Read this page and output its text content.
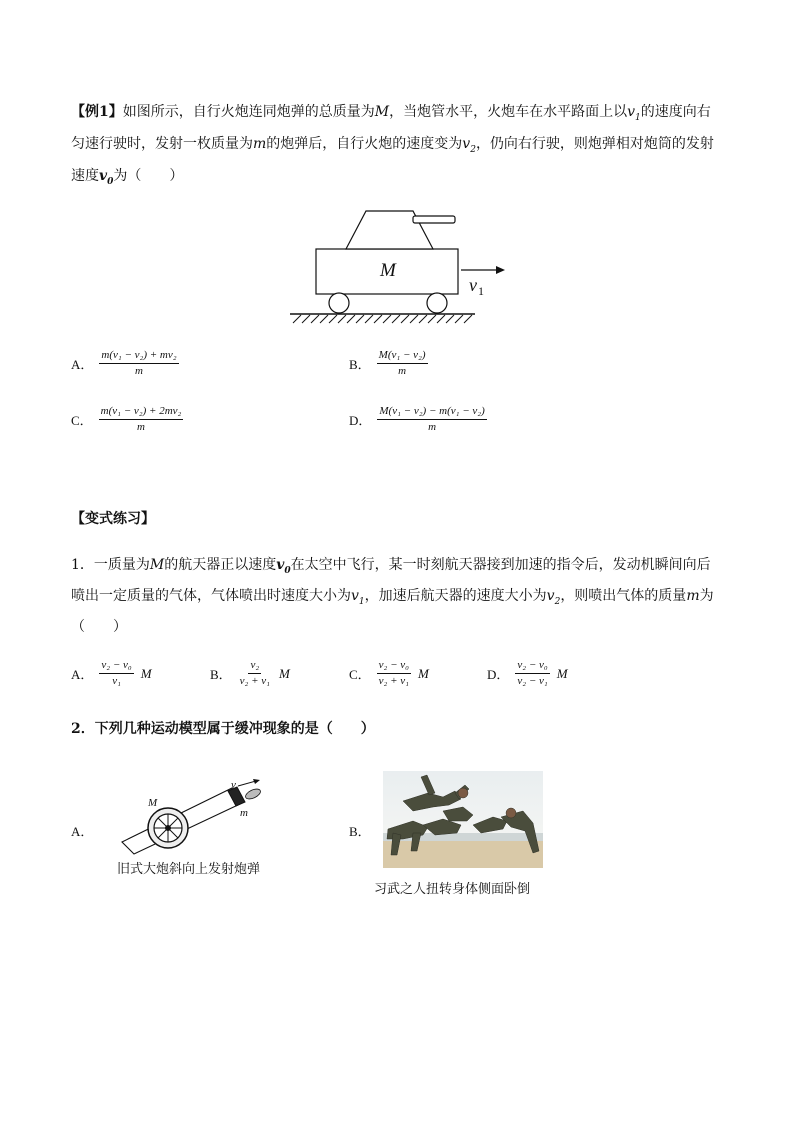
【例1】如图所示，自行火炮连同炮弹的总质量为M，当炮管水平，火炮车在水平路面上以$v_1$的速度向右
匀速行驶时，发射一枚质量为m的炮弹后，自行火炮的速度变为$v_2$，仍向右行驶，则炮弹相对炮筒的发射
速度$v_0$为（　　）
M
v 1
A． $\frac{\text{m(v₁ − v₂) + mv₂}}{m}$	B． $\frac{\text{M(v₁ − v₂)}}{m}$
C． $\frac{\text{m(v₁ − v₂) + 2mv₂}}{m}$	D． $\frac{\text{M(v₁ − v₂) − m(v₁ − v₂)}}{m}$
【变式练习】
1．一质量为M的航天器正以速度$v_0$在太空中飞行，某一时刻航天器接到加速的指令后，发动机瞬间向后
喷出一定质量的气体，气体喷出时速度大小为$v_1$，加速后航天器的速度大小为$v_2$，则喷出气体的质量m为
（　　）
A． $\frac{\text{v₂ − v₀}}{\text{v₁}}$ M	B． $\frac{\text{v₂}}{\text{v₂ + v₁}}$ M	C． $\frac{\text{v₂ − v₀}}{\text{v₂ + v₁}}$ M	D． $\frac{\text{v₂ − v₀}}{\text{v₂ − v₁}}$ M
2．下列几种运动模型属于缓冲现象的是（　　）
A．
M
m
v
旧式大炮斜向上发射炮弹
B．
习武之人扭转身体侧面卧倒
